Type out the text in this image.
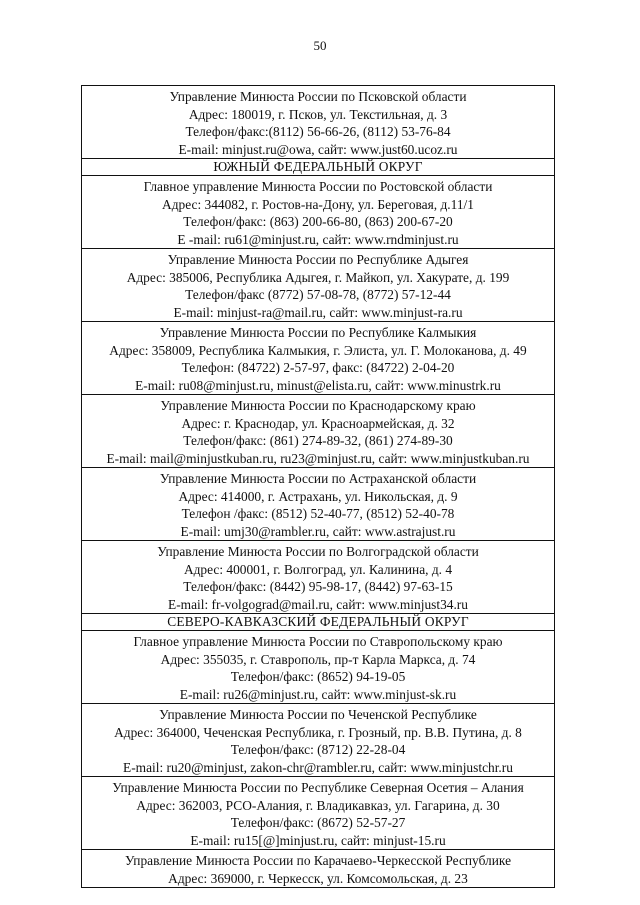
50
Управление Минюста России по Псковской области
Адрес: 180019, г. Псков, ул. Текстильная, д. 3
Телефон/факс:(8112) 56-66-26, (8112) 53-76-84
E-mail: minjust.ru@owa, сайт: www.just60.ucoz.ru

ЮЖНЫЙ ФЕДЕРАЛЬНЫЙ ОКРУГ

Главное управление Минюста России по Ростовской области
Адрес: 344082, г. Ростов-на-Дону, ул. Береговая, д.11/1
Телефон/факс: (863) 200-66-80, (863) 200-67-20
E -mail: ru61@minjust.ru, сайт: www.rndminjust.ru

Управление Минюста России по Республике Адыгея
Адрес: 385006, Республика Адыгея, г. Майкоп, ул. Хакурате, д. 199
Телефон/факс (8772) 57-08-78, (8772) 57-12-44
E-mail: minjust-ra@mail.ru, сайт: www.minjust-ra.ru

Управление Минюста России по Республике Калмыкия
Адрес: 358009, Республика Калмыкия, г. Элиста, ул. Г. Молоканова, д. 49
Телефон: (84722) 2-57-97, факс: (84722) 2-04-20
E-mail: ru08@minjust.ru, minust@elista.ru, сайт: www.minustrk.ru

Управление Минюста России по Краснодарскому краю
Адрес: г. Краснодар, ул. Красноармейская, д. 32
Телефон/факс: (861) 274-89-32, (861) 274-89-30
E-mail: mail@minjustkuban.ru, ru23@minjust.ru, сайт: www.minjustkuban.ru

Управление Минюста России по Астраханской области
Адрес: 414000, г. Астрахань, ул. Никольская, д. 9
Телефон /факс: (8512) 52-40-77, (8512) 52-40-78
E-mail: umj30@rambler.ru, сайт: www.astrajust.ru

Управление Минюста России по Волгоградской области
Адрес: 400001, г. Волгоград, ул. Калинина, д. 4
Телефон/факс: (8442) 95-98-17, (8442) 97-63-15
E-mail: fr-volgograd@mail.ru, сайт: www.minjust34.ru

СЕВЕРО-КАВКАЗСКИЙ ФЕДЕРАЛЬНЫЙ ОКРУГ

Главное управление Минюста России по Ставропольскому краю
Адрес: 355035, г. Ставрополь, пр-т Карла Маркса, д. 74
Телефон/факс: (8652) 94-19-05
E-mail: ru26@minjust.ru, сайт: www.minjust-sk.ru

Управление Минюста России по Чеченской Республике
Адрес: 364000, Чеченская Республика, г. Грозный, пр. В.В. Путина, д. 8
Телефон/факс: (8712) 22-28-04
E-mail: ru20@minjust, zakon-chr@rambler.ru, сайт: www.minjustchr.ru

Управление Минюста России по Республике Северная Осетия – Алания
Адрес: 362003, РСО-Алания, г. Владикавказ, ул. Гагарина, д. 30
Телефон/факс: (8672) 52-57-27
E-mail: ru15[@]minjust.ru, сайт: minjust-15.ru

Управление Минюста России по Карачаево-Черкесской Республике
Адрес: 369000, г. Черкесск, ул. Комсомольская, д. 23
